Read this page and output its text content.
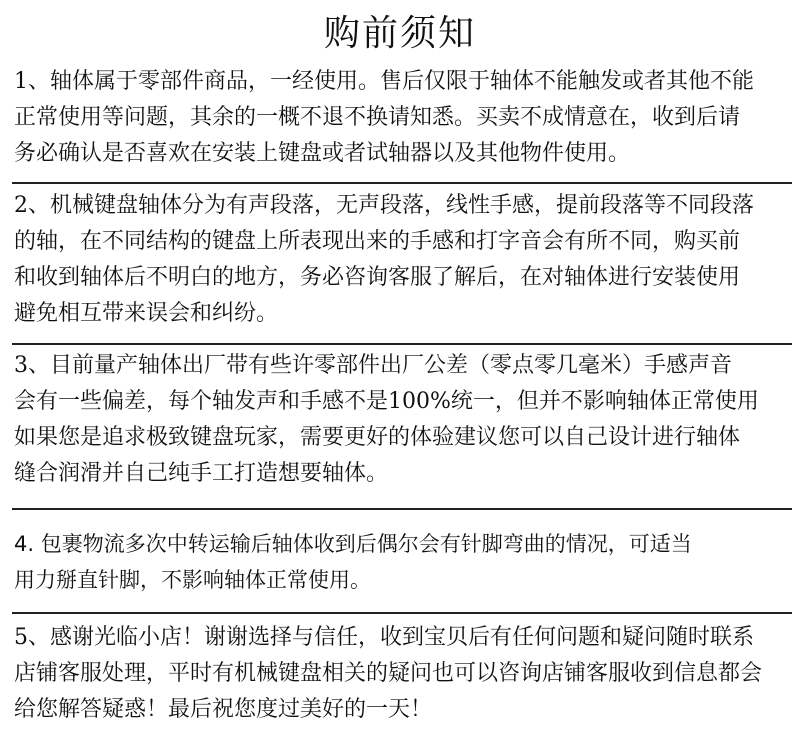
购前须知

1、轴体属于零部件商品，一经使用。售后仅限于轴体不能触发或者其他不能

正常使用等问题，其余的一概不退不换请知悉。买卖不成情意在，收到后请

务必确认是否喜欢在安装上键盘或者试轴器以及其他物件使用。

2、机械键盘轴体分为有声段落，无声段落，线性手感，提前段落等不同段落

的轴，在不同结构的键盘上所表现出来的手感和打字音会有所不同，购买前

和收到轴体后不明白的地方，务必咨询客服了解后，在对轴体进行安装使用

避免相互带来误会和纠纷。

3、目前量产轴体出厂带有些许零部件出厂公差（零点零几毫米）手感声音

会有一些偏差，每个轴发声和手感不是100%统一，但并不影响轴体正常使用

如果您是追求极致键盘玩家，需要更好的体验建议您可以自己设计进行轴体

缝合润滑并自己纯手工打造想要轴体。

4. 包裹物流多次中转运输后轴体收到后偶尔会有针脚弯曲的情况，可适当

用力掰直针脚，不影响轴体正常使用。

5、感谢光临小店！谢谢选择与信任，收到宝贝后有任何问题和疑问随时联系

店铺客服处理，平时有机械键盘相关的疑问也可以咨询店铺客服收到信息都会

给您解答疑惑！最后祝您度过美好的一天！
